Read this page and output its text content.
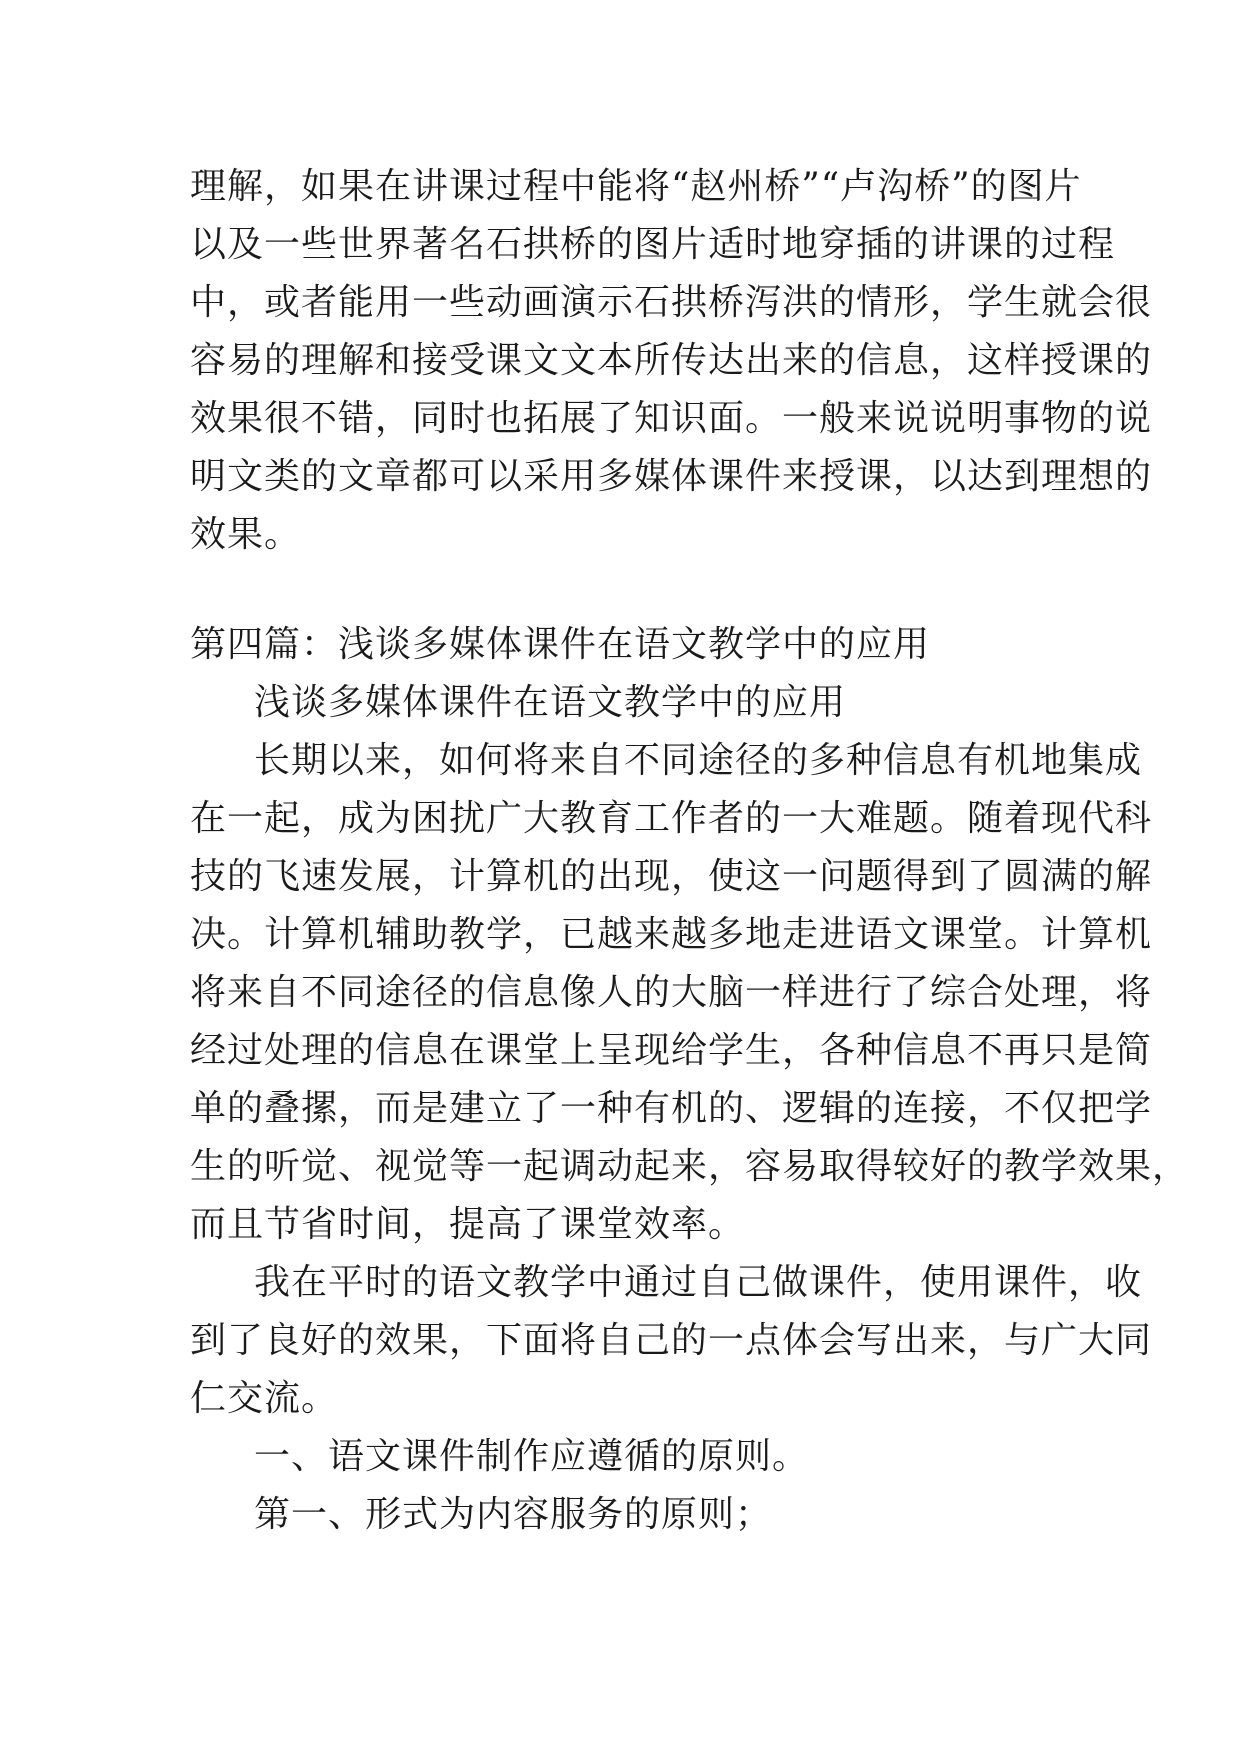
理解，如果在讲课过程中能将“赵州桥”“卢沟桥”的图片
以及一些世界著名石拱桥的图片适时地穿插的讲课的过程
中，或者能用一些动画演示石拱桥泻洪的情形，学生就会很
容易的理解和接受课文文本所传达出来的信息，这样授课的
效果很不错，同时也拓展了知识面。一般来说说明事物的说
明文类的文章都可以采用多媒体课件来授课，以达到理想的
效果。
第四篇：浅谈多媒体课件在语文教学中的应用
浅谈多媒体课件在语文教学中的应用
长期以来，如何将来自不同途径的多种信息有机地集成
在一起，成为困扰广大教育工作者的一大难题。随着现代科
技的飞速发展，计算机的出现，使这一问题得到了圆满的解
决。计算机辅助教学，已越来越多地走进语文课堂。计算机
将来自不同途径的信息像人的大脑一样进行了综合处理，将
经过处理的信息在课堂上呈现给学生，各种信息不再只是简
单的叠摞，而是建立了一种有机的、逻辑的连接，不仅把学
生的听觉、视觉等一起调动起来，容易取得较好的教学效果，
而且节省时间，提高了课堂效率。
我在平时的语文教学中通过自己做课件，使用课件，收
到了良好的效果，下面将自己的一点体会写出来，与广大同
仁交流。
一、语文课件制作应遵循的原则。
第一、形式为内容服务的原则；
